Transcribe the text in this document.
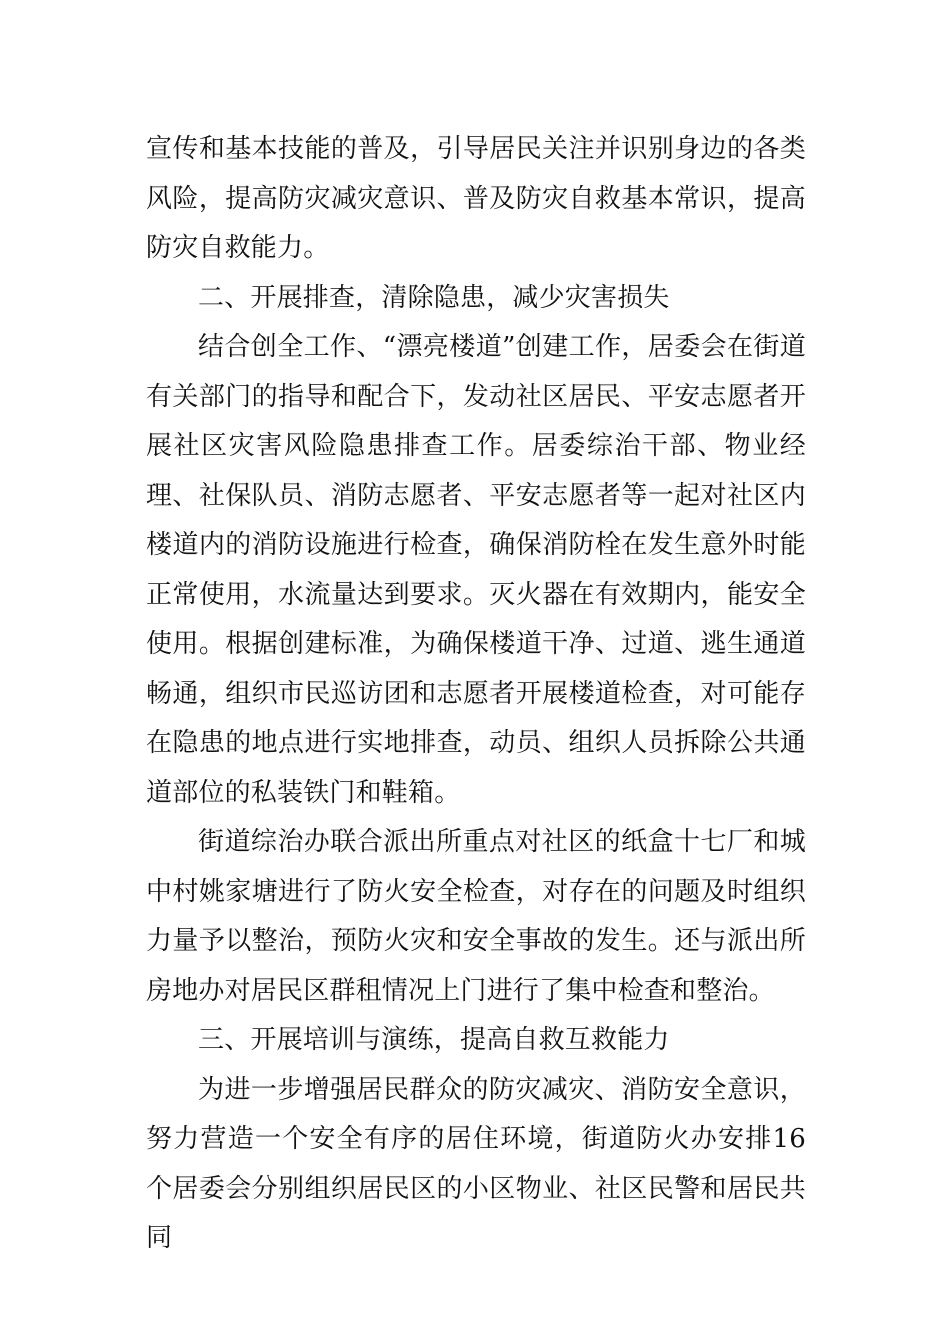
宣传和基本技能的普及，引导居民关注并识别身边的各类风险，提高防灾减灾意识、普及防灾自救基本常识，提高防灾自救能力。

二、开展排查，清除隐患，减少灾害损失

结合创全工作、“漂亮楼道”创建工作，居委会在街道有关部门的指导和配合下，发动社区居民、平安志愿者开展社区灾害风险隐患排查工作。居委综治干部、物业经理、社保队员、消防志愿者、平安志愿者等一起对社区内楼道内的消防设施进行检查，确保消防栓在发生意外时能正常使用，水流量达到要求。灭火器在有效期内，能安全使用。根据创建标准，为确保楼道干净、过道、逃生通道畅通，组织市民巡访团和志愿者开展楼道检查，对可能存在隐患的地点进行实地排查，动员、组织人员拆除公共通道部位的私装铁门和鞋箱。

街道综治办联合派出所重点对社区的纸盒十七厂和城中村姚家塘进行了防火安全检查，对存在的问题及时组织力量予以整治，预防火灾和安全事故的发生。还与派出所房地办对居民区群租情况上门进行了集中检查和整治。

三、开展培训与演练，提高自救互救能力

为进一步增强居民群众的防灾减灾、消防安全意识，努力营造一个安全有序的居住环境，街道防火办安排16个居委会分别组织居民区的小区物业、社区民警和居民共同
